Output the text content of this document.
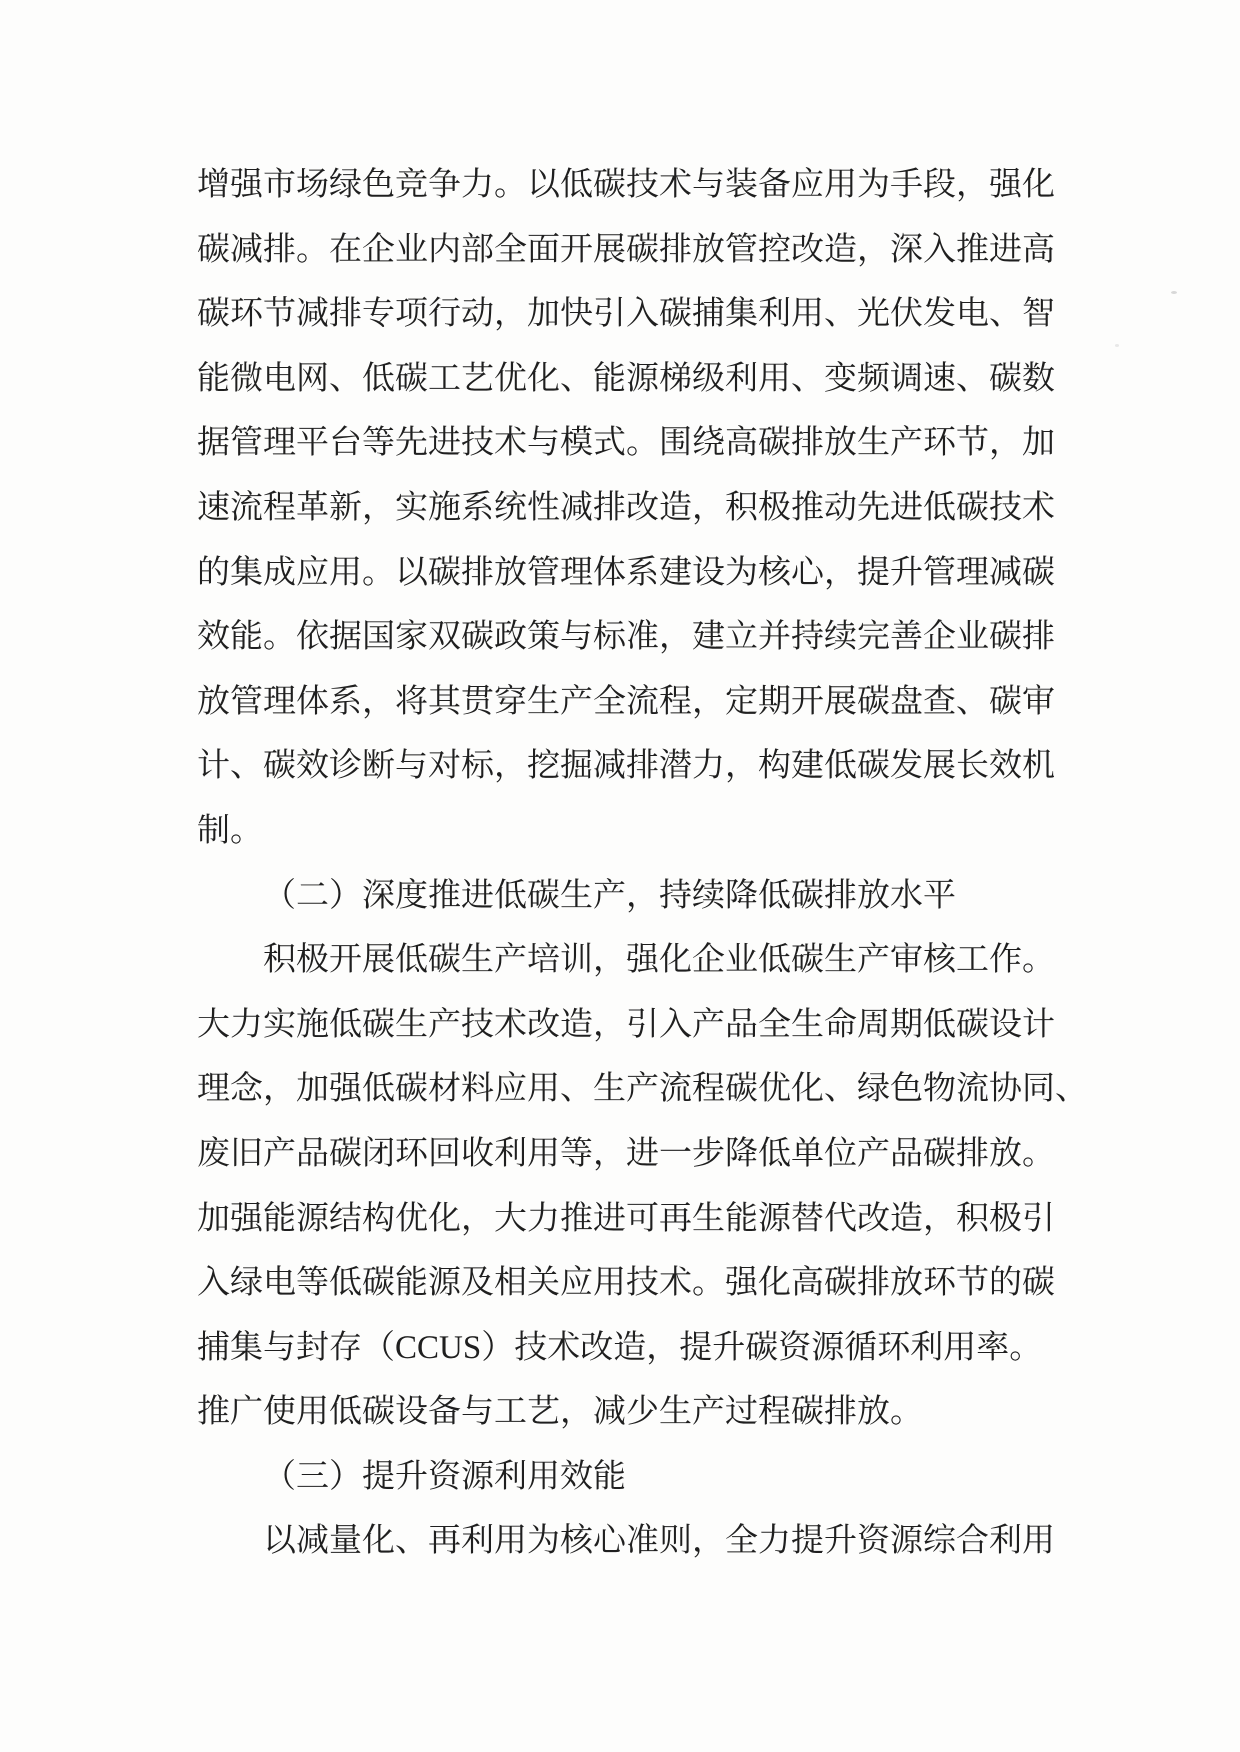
增强市场绿色竞争力。以低碳技术与装备应用为手段，强化
碳减排。在企业内部全面开展碳排放管控改造，深入推进高
碳环节减排专项行动，加快引入碳捕集利用、光伏发电、智
能微电网、低碳工艺优化、能源梯级利用、变频调速、碳数
据管理平台等先进技术与模式。围绕高碳排放生产环节，加
速流程革新，实施系统性减排改造，积极推动先进低碳技术
的集成应用。以碳排放管理体系建设为核心，提升管理减碳
效能。依据国家双碳政策与标准，建立并持续完善企业碳排
放管理体系，将其贯穿生产全流程，定期开展碳盘查、碳审
计、碳效诊断与对标，挖掘减排潜力，构建低碳发展长效机
制。
（二）深度推进低碳生产，持续降低碳排放水平
积极开展低碳生产培训，强化企业低碳生产审核工作。
大力实施低碳生产技术改造，引入产品全生命周期低碳设计
理念，加强低碳材料应用、生产流程碳优化、绿色物流协同、
废旧产品碳闭环回收利用等，进一步降低单位产品碳排放。
加强能源结构优化，大力推进可再生能源替代改造，积极引
入绿电等低碳能源及相关应用技术。强化高碳排放环节的碳
捕集与封存（CCUS）技术改造，提升碳资源循环利用率。
推广使用低碳设备与工艺，减少生产过程碳排放。
（三）提升资源利用效能
以减量化、再利用为核心准则，全力提升资源综合利用
